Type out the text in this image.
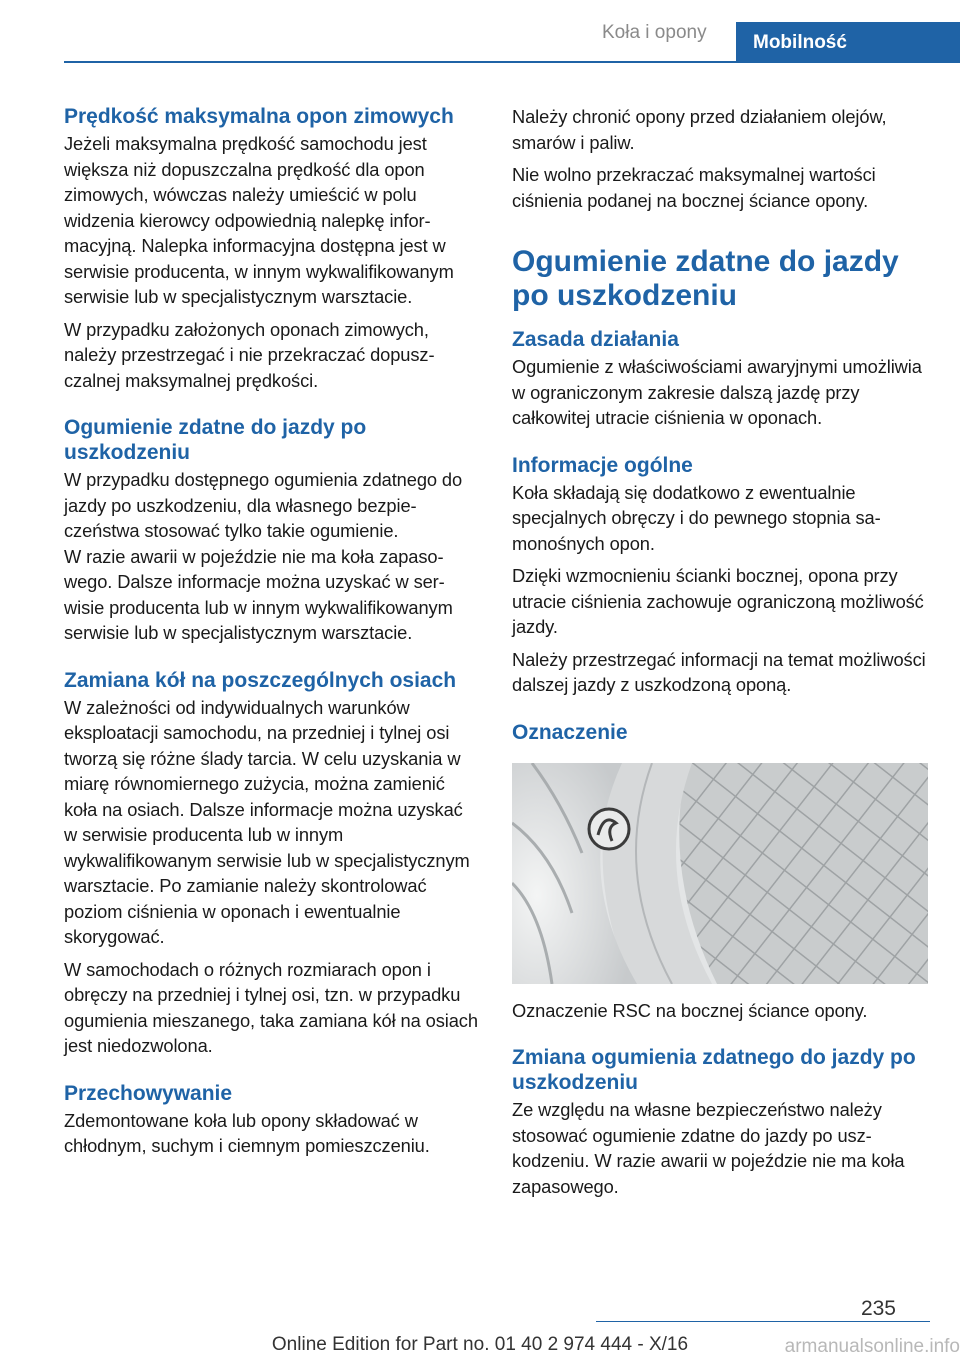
Koła i opony	Mobilność
Prędkość maksymalna opon zimowych

Jeżeli maksymalna prędkość samochodu jest większa niż dopuszczalna prędkość dla opon zimowych, wówczas należy umieścić w polu widzenia kierowcy odpowiednią nalepkę informacyjną. Nalepka informacyjna dostępna jest w serwisie producenta, w innym wykwalifikowanym serwisie lub w specjalistycznym warsztacie.

W przypadku założonych oponach zimowych, należy przestrzegać i nie przekraczać dopuszczalnej maksymalnej prędkości.

Ogumienie zdatne do jazdy po uszkodzeniu

W przypadku dostępnego ogumienia zdatnego do jazdy po uszkodzeniu, dla własnego bezpieczeństwa stosować tylko takie ogumienie.

W razie awarii w pojeździe nie ma koła zapasowego. Dalsze informacje można uzyskać w serwisie producenta lub w innym wykwalifikowanym serwisie lub w specjalistycznym warsztacie.

Zamiana kół na poszczególnych osiach

W zależności od indywidualnych warunków eksploatacji samochodu, na przedniej i tylnej osi tworzą się różne ślady tarcia. W celu uzyskania w miarę równomiernego zużycia, można zamienić koła na osiach. Dalsze informacje można uzyskać w serwisie producenta lub w innym wykwalifikowanym serwisie lub w specjalistycznym warsztacie. Po zamianie należy skontrolować poziom ciśnienia w oponach i ewentualnie skorygować.

W samochodach o różnych rozmiarach opon i obręczy na przedniej i tylnej osi, tzn. w przypadku ogumienia mieszanego, taka zamiana kół na osiach jest niedozwolona.

Przechowywanie

Zdemontowane koła lub opony składować w chłodnym, suchym i ciemnym pomieszczeniu.

Należy chronić opony przed działaniem olejów, smarów i paliw.

Nie wolno przekraczać maksymalnej wartości ciśnienia podanej na bocznej ściance opony.

Ogumienie zdatne do jazdy po uszkodzeniu
Zasada działania

Ogumienie z właściwościami awaryjnymi umożliwia w ograniczonym zakresie dalszą jazdę przy całkowitej utracie ciśnienia w oponach.

Informacje ogólne

Koła składają się dodatkowo z ewentualnie specjalnych obręczy i do pewnego stopnia samonośnych opon.

Dzięki wzmocnieniu ścianki bocznej, opona przy utracie ciśnienia zachowuje ograniczoną możliwość jazdy.

Należy przestrzegać informacji na temat możliwości dalszej jazdy z uszkodzoną oponą.

Oznaczenie

Oznaczenie RSC na bocznej ściance opony.

Zmiana ogumienia zdatnego do jazdy po uszkodzeniu

Ze względu na własne bezpieczeństwo należy stosować ogumienie zdatne do jazdy po uszkodzeniu. W razie awarii w pojeździe nie ma koła zapasowego.

235
Online Edition for Part no. 01 40 2 974 444 - X/16	armanualsonline.info
